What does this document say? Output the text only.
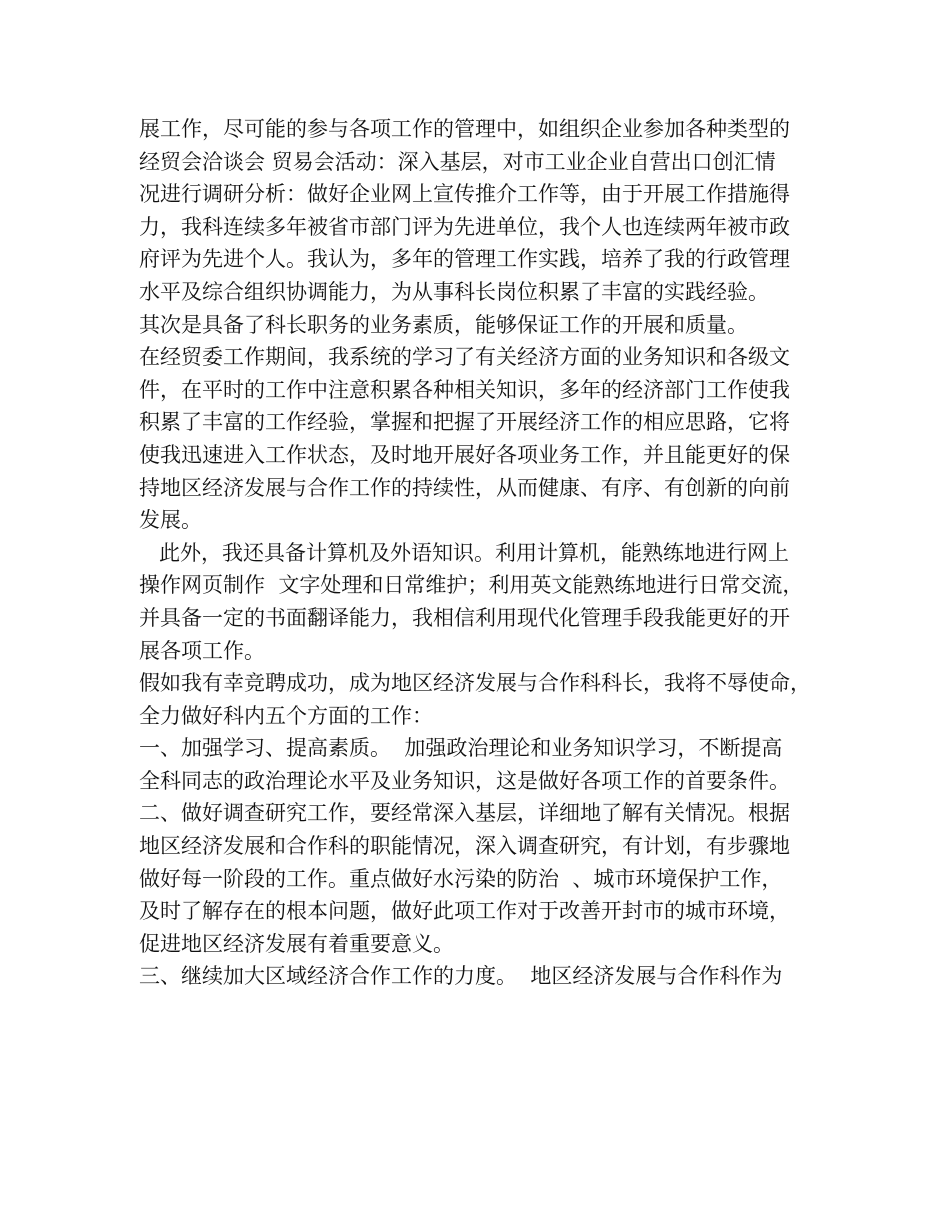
展工作，尽可能的参与各项工作的管理中，如组织企业参加各种类型的
经贸会洽谈会 贸易会活动：深入基层，对市工业企业自营出口创汇情
况进行调研分析：做好企业网上宣传推介工作等，由于开展工作措施得
力，我科连续多年被省市部门评为先进单位，我个人也连续两年被市政
府评为先进个人。我认为，多年的管理工作实践，培养了我的行政管理
水平及综合组织协调能力，为从事科长岗位积累了丰富的实践经验。
其次是具备了科长职务的业务素质，能够保证工作的开展和质量。
在经贸委工作期间，我系统的学习了有关经济方面的业务知识和各级文
件，在平时的工作中注意积累各种相关知识，多年的经济部门工作使我
积累了丰富的工作经验，掌握和把握了开展经济工作的相应思路，它将
使我迅速进入工作状态，及时地开展好各项业务工作，并且能更好的保
持地区经济发展与合作工作的持续性，从而健康、有序、有创新的向前
发展。
此外，我还具备计算机及外语知识。利用计算机，能熟练地进行网上
操作网页制作  文字处理和日常维护；利用英文能熟练地进行日常交流，
并具备一定的书面翻译能力，我相信利用现代化管理手段我能更好的开
展各项工作。
假如我有幸竞聘成功，成为地区经济发展与合作科科长，我将不辱使命，
全力做好科内五个方面的工作：
一、加强学习、提高素质。  加强政治理论和业务知识学习，不断提高
全科同志的政治理论水平及业务知识，这是做好各项工作的首要条件。
二、做好调查研究工作，要经常深入基层，详细地了解有关情况。根据
地区经济发展和合作科的职能情况，深入调查研究，有计划，有步骤地
做好每一阶段的工作。重点做好水污染的防治  、城市环境保护工作，
及时了解存在的根本问题，做好此项工作对于改善开封市的城市环境，
促进地区经济发展有着重要意义。
三、继续加大区域经济合作工作的力度。  地区经济发展与合作科作为
